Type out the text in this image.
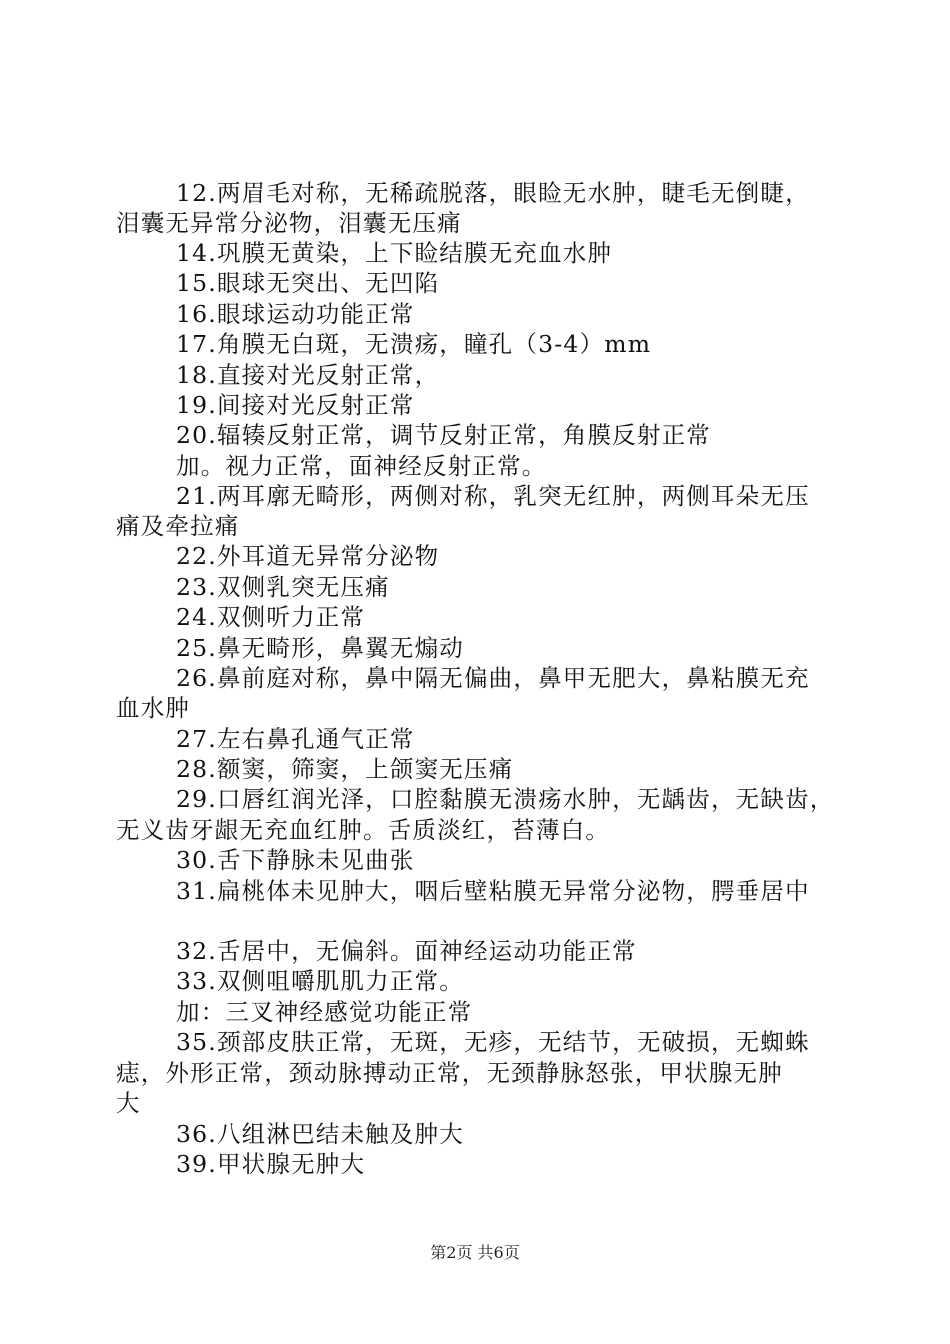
12.两眉毛对称，无稀疏脱落，眼睑无水肿，睫毛无倒睫，
泪囊无异常分泌物，泪囊无压痛
14.巩膜无黄染，上下睑结膜无充血水肿
15.眼球无突出、无凹陷
16.眼球运动功能正常
17.角膜无白斑，无溃疡，瞳孔（3-4）mm
18.直接对光反射正常，
19.间接对光反射正常
20.辐辏反射正常，调节反射正常，角膜反射正常
加。视力正常，面神经反射正常。
21.两耳廓无畸形，两侧对称，乳突无红肿，两侧耳朵无压
痛及牵拉痛
22.外耳道无异常分泌物
23.双侧乳突无压痛
24.双侧听力正常
25.鼻无畸形，鼻翼无煽动
26.鼻前庭对称，鼻中隔无偏曲，鼻甲无肥大，鼻粘膜无充
血水肿
27.左右鼻孔通气正常
28.额窦，筛窦，上颌窦无压痛
29.口唇红润光泽，口腔黏膜无溃疡水肿，无龋齿，无缺齿，
无义齿牙龈无充血红肿。舌质淡红，苔薄白。
30.舌下静脉未见曲张
31.扁桃体未见肿大，咽后壁粘膜无异常分泌物，腭垂居中
32.舌居中，无偏斜。面神经运动功能正常
33.双侧咀嚼肌肌力正常。
加：三叉神经感觉功能正常
35.颈部皮肤正常，无斑，无疹，无结节，无破损，无蜘蛛
痣，外形正常，颈动脉搏动正常，无颈静脉怒张，甲状腺无肿
大
36.八组淋巴结未触及肿大
39.甲状腺无肿大
第2页 共6页
